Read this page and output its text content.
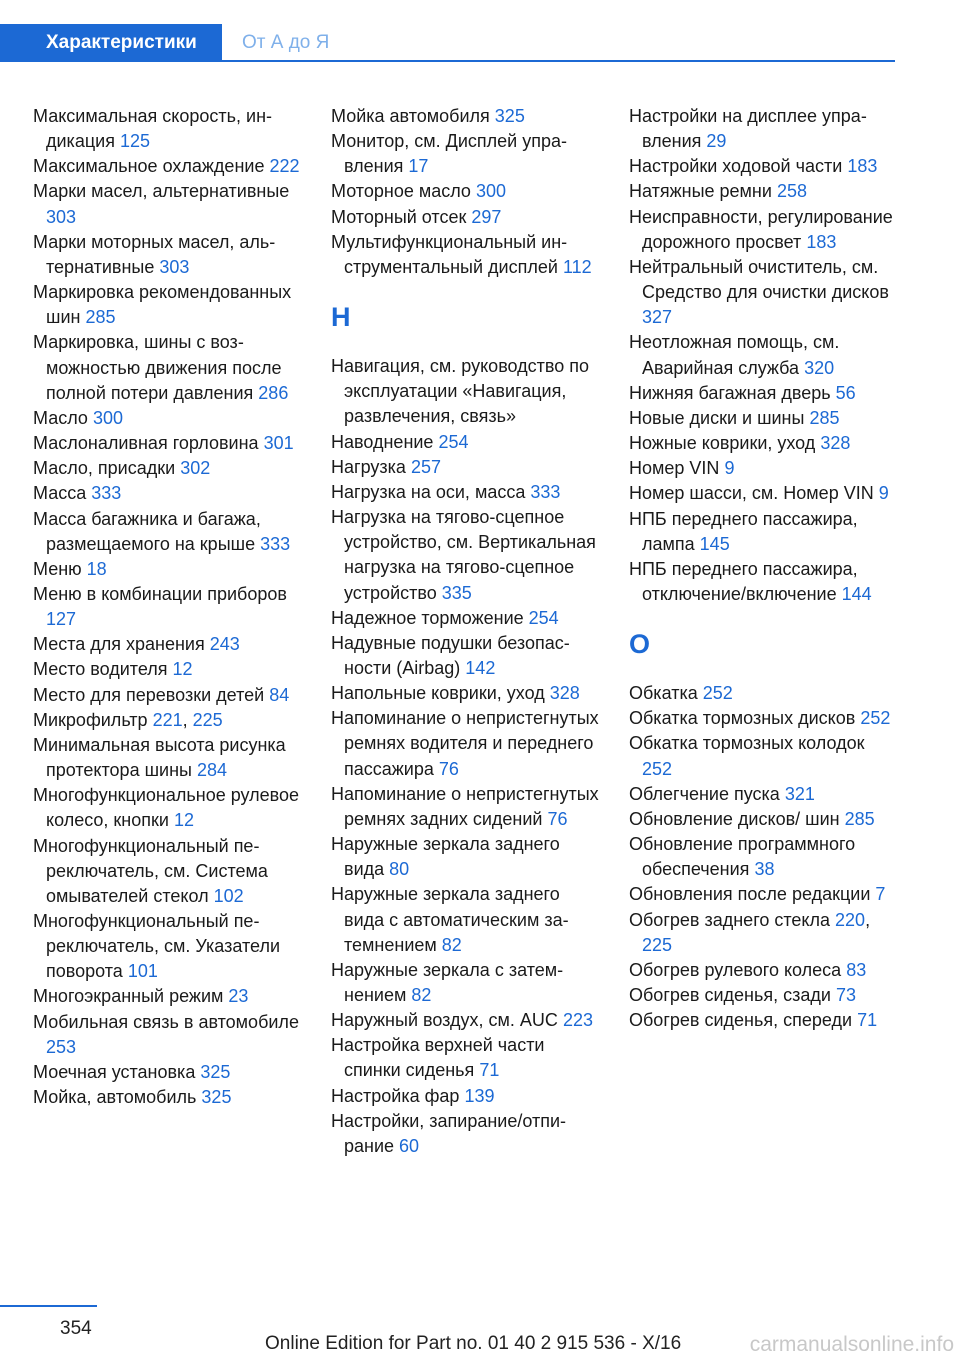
Характеристики	От А до Я
Максимальная скорость, индикация 125
Максимальное охлаждение 222
Марки масел, альтернативные 303
Марки моторных масел, альтернативные 303
Маркировка рекомендованных шин 285
Маркировка, шины с возможностью движения после полной потери давления 286
Масло 300
Маслоналивная горловина 301
Масло, присадки 302
Масса 333
Масса багажника и багажа, размещаемого на крыше 333
Меню 18
Меню в комбинации приборов 127
Места для хранения 243
Место водителя 12
Место для перевозки детей 84
Микрофильтр 221, 225
Минимальная высота рисунка протектора шины 284
Многофункциональное рулевое колесо, кнопки 12
Многофункциональный переключатель, см. Система омывателей стекол 102
Многофункциональный переключатель, см. Указатели поворота 101
Многоэкранный режим 23
Мобильная связь в автомобиле 253
Моечная установка 325
Мойка, автомобиль 325
Мойка автомобиля 325
Монитор, см. Дисплей управления 17
Моторное масло 300
Моторный отсек 297
Мультифункциональный инструментальный дисплей 112
Н
Навигация, см. руководство по эксплуатации «Навигация, развлечения, связь»
Наводнение 254
Нагрузка 257
Нагрузка на оси, масса 333
Нагрузка на тягово-сцепное устройство, см. Вертикальная нагрузка на тягово-сцепное устройство 335
Надежное торможение 254
Надувные подушки безопасности (Airbag) 142
Напольные коврики, уход 328
Напоминание о непристегнутых ремнях водителя и переднего пассажира 76
Напоминание о непристегнутых ремнях задних сидений 76
Наружные зеркала заднего вида 80
Наружные зеркала заднего вида с автоматическим затемнением 82
Наружные зеркала с затемнением 82
Наружный воздух, см. AUC 223
Настройка верхней части спинки сиденья 71
Настройка фар 139
Настройки, запирание/отпирание 60
Настройки на дисплее управления 29
Настройки ходовой части 183
Натяжные ремни 258
Неисправности, регулирование дорожного просвет 183
Нейтральный очиститель, см. Средство для очистки дисков 327
Неотложная помощь, см. Аварийная служба 320
Нижняя багажная дверь 56
Новые диски и шины 285
Ножные коврики, уход 328
Номер VIN 9
Номер шасси, см. Номер VIN 9
НПБ переднего пассажира, лампа 145
НПБ переднего пассажира, отключение/включение 144
О
Обкатка 252
Обкатка тормозных дисков 252
Обкатка тормозных колодок 252
Облегчение пуска 321
Обновление дисков/ шин 285
Обновление программного обеспечения 38
Обновления после редакции 7
Обогрев заднего стекла 220, 225
Обогрев рулевого колеса 83
Обогрев сиденья, сзади 73
Обогрев сиденья, спереди 71
354
Online Edition for Part no. 01 40 2 915 536 - X/16	carmanualsonline.info
